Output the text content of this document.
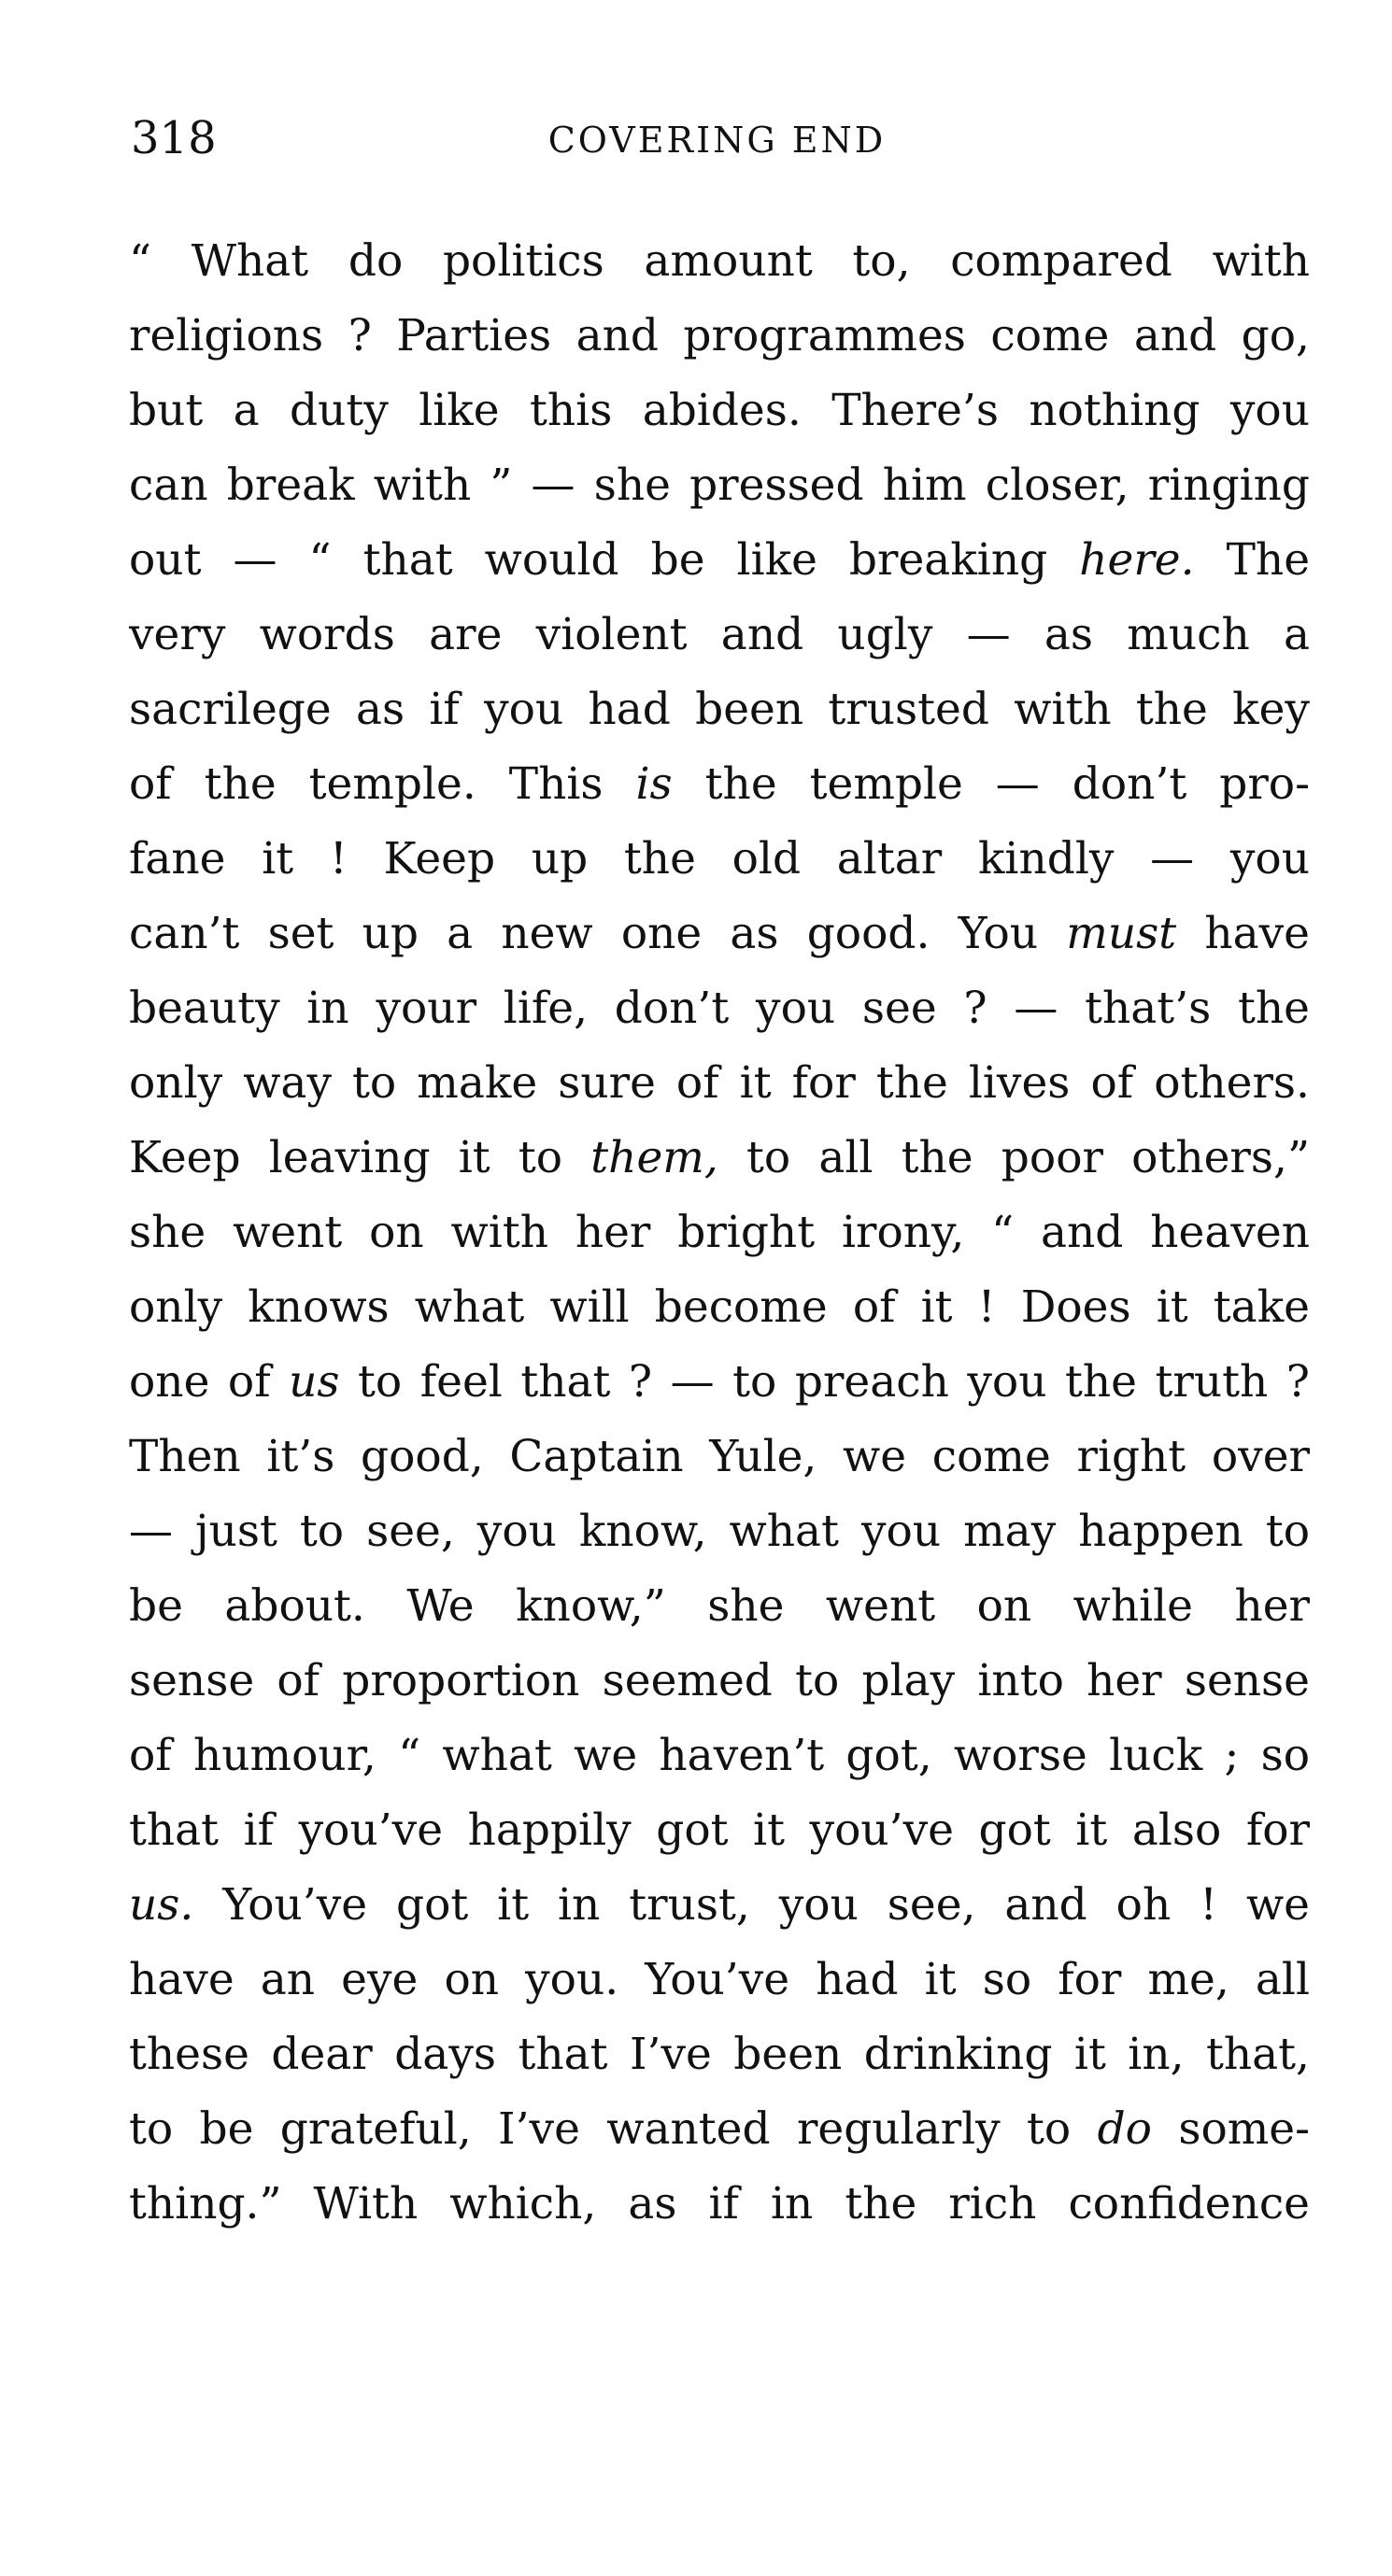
318	COVERING END
“ What do politics amount to, compared with
religions ? Parties and programmes come and go,
but a duty like this abides. There’s nothing you
can break with ” — she pressed him closer, ringing
out — “ that would be like breaking here. The
very words are violent and ugly — as much a
sacrilege as if you had been trusted with the key
of the temple. This is the temple — don’t pro-
fane it ! Keep up the old altar kindly — you
can’t set up a new one as good. You must have
beauty in your life, don’t you see ? — that’s the
only way to make sure of it for the lives of others.
Keep leaving it to them, to all the poor others,”
she went on with her bright irony, “ and heaven
only knows what will become of it ! Does it take
one of us to feel that ? — to preach you the truth ?
Then it’s good, Captain Yule, we come right over
— just to see, you know, what you may happen to
be about. We know,” she went on while her
sense of proportion seemed to play into her sense
of humour, “ what we haven’t got, worse luck ; so
that if you’ve happily got it you’ve got it also for
us. You’ve got it in trust, you see, and oh ! we
have an eye on you. You’ve had it so for me, all
these dear days that I’ve been drinking it in, that,
to be grateful, I’ve wanted regularly to do some-
thing.” With which, as if in the rich confidence
